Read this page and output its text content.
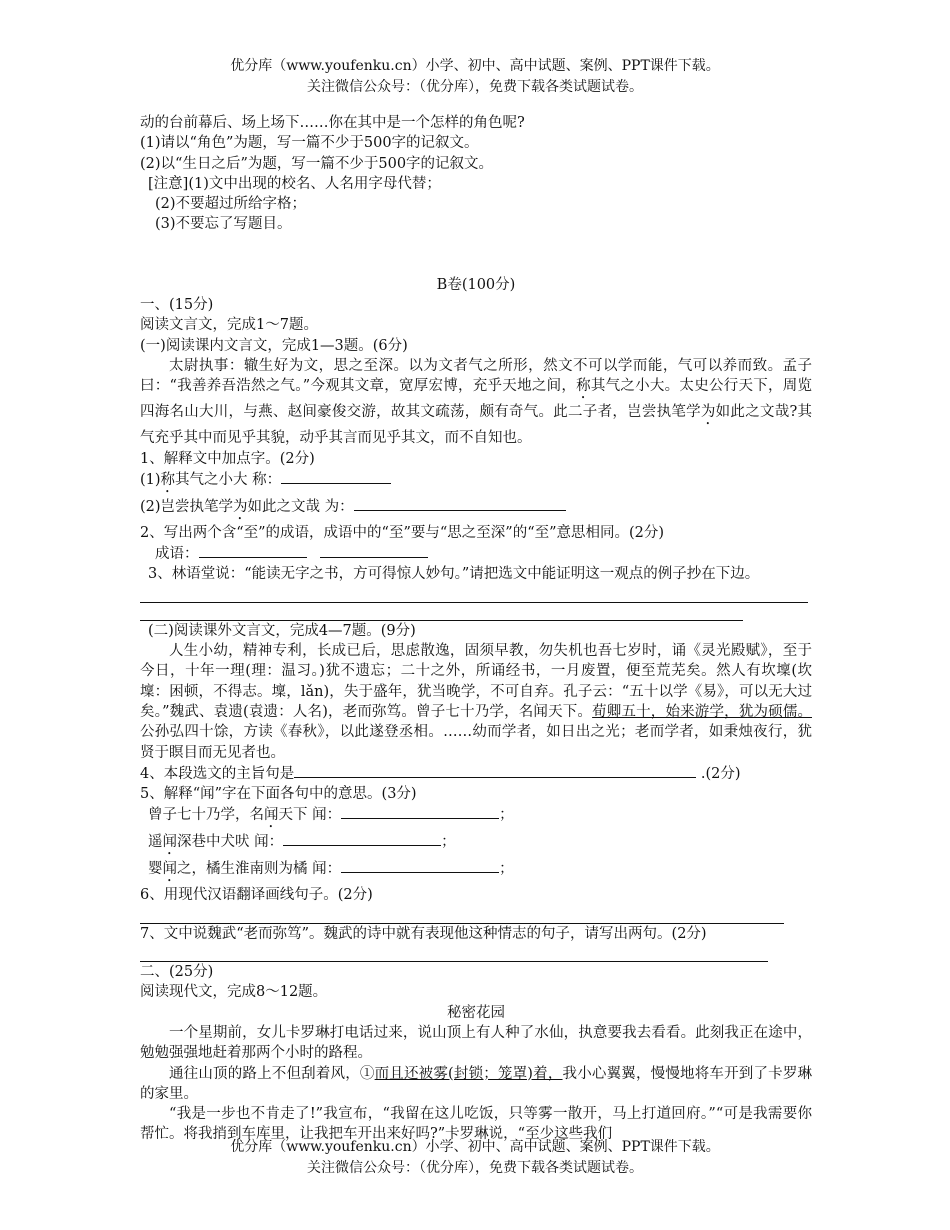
优分库（www.youfenku.cn）小学、初中、高中试题、案例、PPT课件下载。
关注微信公众号：（优分库），免费下载各类试题试卷。

动的台前幕后、场上场下……你在其中是一个怎样的角色呢?

(1)请以“角色”为题，写一篇不少于500字的记叙文。

(2)以“生日之后”为题，写一篇不少于500字的记叙文。

[注意](1)文中出现的校名、人名用字母代替；

(2)不要超过所给字格；

(3)不要忘了写题目。

B卷(100分)

一、(15分)

阅读文言文，完成1～7题。

(一)阅读课内文言文，完成1—3题。(6分)

太尉执事：辙生好为文，思之至深。以为文者气之所形，然文不可以学而能，气可以养而致。孟子曰：“我善养吾浩然之气。”今观其文章，宽厚宏博，充乎天地之间，称其气之小大。太史公行天下，周览四海名山大川，与燕、赵间豪俊交游，故其文疏荡，颇有奇气。此二子者，岂尝执笔学为如此之文哉?其气充乎其中而见乎其貌，动乎其言而见乎其文，而不自知也。

1、解释文中加点字。(2分)

(1)称其气之小大 称：

(2)岂尝执笔学为如此之文哉 为：

2、写出两个含“至”的成语，成语中的“至”要与“思之至深”的“至”意思相同。(2分)

成语：

3、林语堂说：“能读无字之书，方可得惊人妙句。”请把选文中能证明这一观点的例子抄在下边。

(二)阅读课外文言文，完成4—7题。(9分)

人生小幼，精神专利，长成已后，思虑散逸，固须早教，勿失机也吾七岁时，诵《灵光殿赋》，至于今日，十年一理(理：温习。)犹不遗忘；二十之外，所诵经书，一月废置，便至荒芜矣。然人有坎壈(坎壈：困顿，不得志。壈，lǎn)，失于盛年，犹当晚学，不可自弃。孔子云：“五十以学《易》，可以无大过矣。”魏武、袁遗(袁遗：人名)，老而弥笃。曾子七十乃学，名闻天下。荀卿五十，始来游学，犹为硕儒。公孙弘四十馀，方读《春秋》，以此遂登丞相。……幼而学者，如日出之光；老而学者，如秉烛夜行，犹贤于瞑目而无见者也。

4、本段选文的主旨句是	.(2分)

5、解释“闻”字在下面各句中的意思。(3分)

曾子七十乃学，名闻天下 闻：	；

遥闻深巷中犬吠 闻：	；

婴闻之，橘生淮南则为橘 闻：	；

6、用现代汉语翻译画线句子。(2分)

7、文中说魏武“老而弥笃”。魏武的诗中就有表现他这种情志的句子，请写出两句。(2分)

二、(25分)

阅读现代文，完成8～12题。

秘密花园

一个星期前，女儿卡罗琳打电话过来，说山顶上有人种了水仙，执意要我去看看。此刻我正在途中，勉勉强强地赶着那两个小时的路程。

通往山顶的路上不但刮着风，①而且还被雾(封锁；笼罩)着，我小心翼翼，慢慢地将车开到了卡罗琳的家里。

“我是一步也不肯走了!”我宣布，“我留在这儿吃饭，只等雾一散开，马上打道回府。”“可是我需要你帮忙。将我捎到车库里，让我把车开出来好吗?”卡罗琳说，“至少这些我们

优分库（www.youfenku.cn）小学、初中、高中试题、案例、PPT课件下载。
关注微信公众号：（优分库），免费下载各类试题试卷。
